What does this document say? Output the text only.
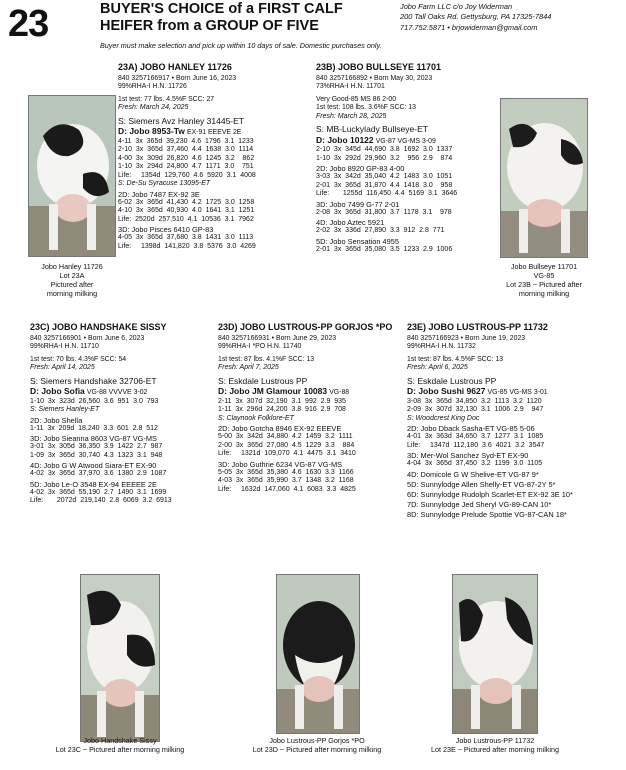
23	BUYER'S CHOICE of a FIRST CALF
HEIFER from a GROUP OF FIVE
Jobo Farm LLC c/o Joy Widerman
200 Tall Oaks Rd. Gettysburg, PA 17325-7844
717.752.5871 • brjowiderman@gmail.com
Buyer must make selection and pick up within 10 days of sale. Domestic purchases only.
Jobo Hanley 11726
Lot 23A
Pictured after
morning milking
23A) JOBO HANLEY 11726
840 3257166917 • Born June 16, 2023
99%RHA-I H.N. 11726
1st test: 77 lbs. 4.5%F SCC: 27
Fresh: March 24, 2025
S: Siemers Avz Hanley 31445-ET
D: Jobo 8953-Tw EX-91 EEEVE 2E
4-11  3x  365d  39,230  4.6  1796  3.1  1233
2-10  3x  365d  37,460  4.4  1638  3.0  1114
4-00  3x  309d  26,820  4.6  1245  3.2    862
1-10  3x  294d  24,800  4.7  1171  3.0    751
Life:     1354d  129,760  4.6  5920  3.1  4008
S: De-Su Syracuse 13095-ET
2D: Jobo 7487 EX-92 3E
6-02  3x  365d  41,430  4.2  1725  3.0  1258
4-10  3x  365d  40,930  4.0  1641  3.1  1251
Life:  2520d  257,510  4.1  10536  3.1  7962
3D: Jobo Pisces 6410 GP-83
4-05  3x  365d  37,680  3.8  1431  3.0  1113
Life:     1398d  141,820  3.8  5376  3.0  4269
23B) JOBO BULLSEYE 11701
840 3257166892 • Born May 30, 2023
73%RHA-I H.N. 11701
Very Good-85 MS 86 2-00
1st test: 108 lbs. 3.6%F SCC: 13
Fresh: March 28, 2025
S: MB-Luckylady Bullseye-ET
D: Jobo 10122 VG-87 VG-MS 3-09
2-10  3x  345d  44,690  3.8  1692  3.0  1337
1-10  3x  292d  29,960  3.2    956  2.9    874
2D: Jobo 8920 GP-83 4-00
3-03  3x  342d  35,040  4.2  1483  3.0  1051
2-01  3x  365d  31,870  4.4  1418  3.0    958
Life:       1255d  116,450  4.4  5169  3.1  3646
3D: Jobo 7499 G-77 2-01
2-08  3x  365d  31,800  3.7  1178  3.1    978
4D: Jobo Aztec 5921
2-02  3x  336d  27,890  3.3  912  2.8  771
5D: Jobo Sensation 4955
2-01  3x  365d  35,080  3.5  1233  2.9  1006
Jobo Bullseye 11701
VG-85
Lot 23B ~ Pictured after
morning milking
23C) JOBO HANDSHAKE SISSY
840 3257166901 • Born June 6, 2023
99%RHA-I H.N. 11710
1st test: 70 lbs. 4.3%F SCC: 54
Fresh: April 14, 2025
S: Siemers Handshake 32706-ET
D: Jobo Sofia VG-88 VVVVE 3-02
1-10  3x  323d  26,560  3.6  951  3.0  793
S: Siemers Hanley-ET
2D: Jobo Shella
1-11  3x  209d  18,240  3.3  601  2.8  512
3D: Jobo Sieanna 8603 VG-87 VG-MS
3-01  3x  305d  36,350  3.9  1422  2.7  987
1-09  3x  365d  30,740  4.3  1323  3.1  948
4D: Jobo G W Atwood Siara-ET EX-90
4-02  3x  365d  37,970  3.6  1380  2.9  1087
5D: Jobo Le-O 3548 EX-94 EEEEE 2E
4-02  3x  365d  55,190  2.7  1490  3.1  1699
Life:       2072d  219,140  2.8  6069  3.2  6913
23D) JOBO LUSTROUS-PP GORJOS *PO
840 3257166931 • Born June 29, 2023
99%RHA-I *PO H.N. 11740
1st test: 87 lbs. 4.1%F SCC: 13
Fresh: April 7, 2025
S: Eskdale Lustrous PP
D: Jobo JM Glamour 10083 VG-88
2-11  3x  307d  32,190  3.1  992  2.9  935
1-11  3x  296d  24,200  3.8  916  2.9  708
S: Claynook Folklore-ET
2D: Jobo Gotcha 8946 EX-92 EEEVE
5-00  3x  342d  34,880  4.2  1459  3.2  1111
2-00  3x  365d  27,080  4.5  1229  3.3    884
Life:     1321d  109,070  4.1  4475  3.1  3410
3D: Jobo Guthrie 6234 VG-87 VG-MS
5-05  3x  365d  35,380  4.6  1630  3.3  1166
4-03  3x  365d  35,990  3.7  1348  3.2  1168
Life:     1632d  147,060  4.1  6083  3.3  4825
23E) JOBO LUSTROUS-PP 11732
840 3257166923 • Born June 19, 2023
99%RHA-I H.N. 11732
1st test: 87 lbs. 4.5%F SCC: 13
Fresh: April 6, 2025
S: Eskdale Lustrous PP
D: Jobo Sushi 9627 VG-85 VG-MS 3-01
3-08  3x  365d  34,850  3.2  1113  3.2  1120
2-09  3x  307d  32,130  3.1  1006  2.9    947
S: Woodcrest King Doc
2D: Jobo Dback Sasha-ET VG-85 5-06
4-01  3x  363d  34,650  3.7  1277  3.1  1085
Life:     1347d  112,180  3.6  4021  3.2  3547
3D: Mer-Wol Sanchez Syd-ET EX-90
4-04  3x  365d  37,450  3.2  1199  3.0  1105
4D: Domicole G W Shelive-ET VG-87 9*
5D: Sunnylodge Allen Shelly-ET VG-87-2Y 5*
6D: Sunnylodge Rudolph Scarlet-ET EX-92 3E 10*
7D: Sunnylodge Jed Sheryl VG-89-CAN 10*
8D: Sunnylodge Prelude Spottie VG-87-CAN 18*
Jobo Handshake Sissy
Lot 23C ~ Pictured after morning milking
Jobo Lustrous-PP Gorjos *PO
Lot 23D ~ Pictured after morning milking
Jobo Lustrous-PP 11732
Lot 23E ~ Pictured after morning milking
